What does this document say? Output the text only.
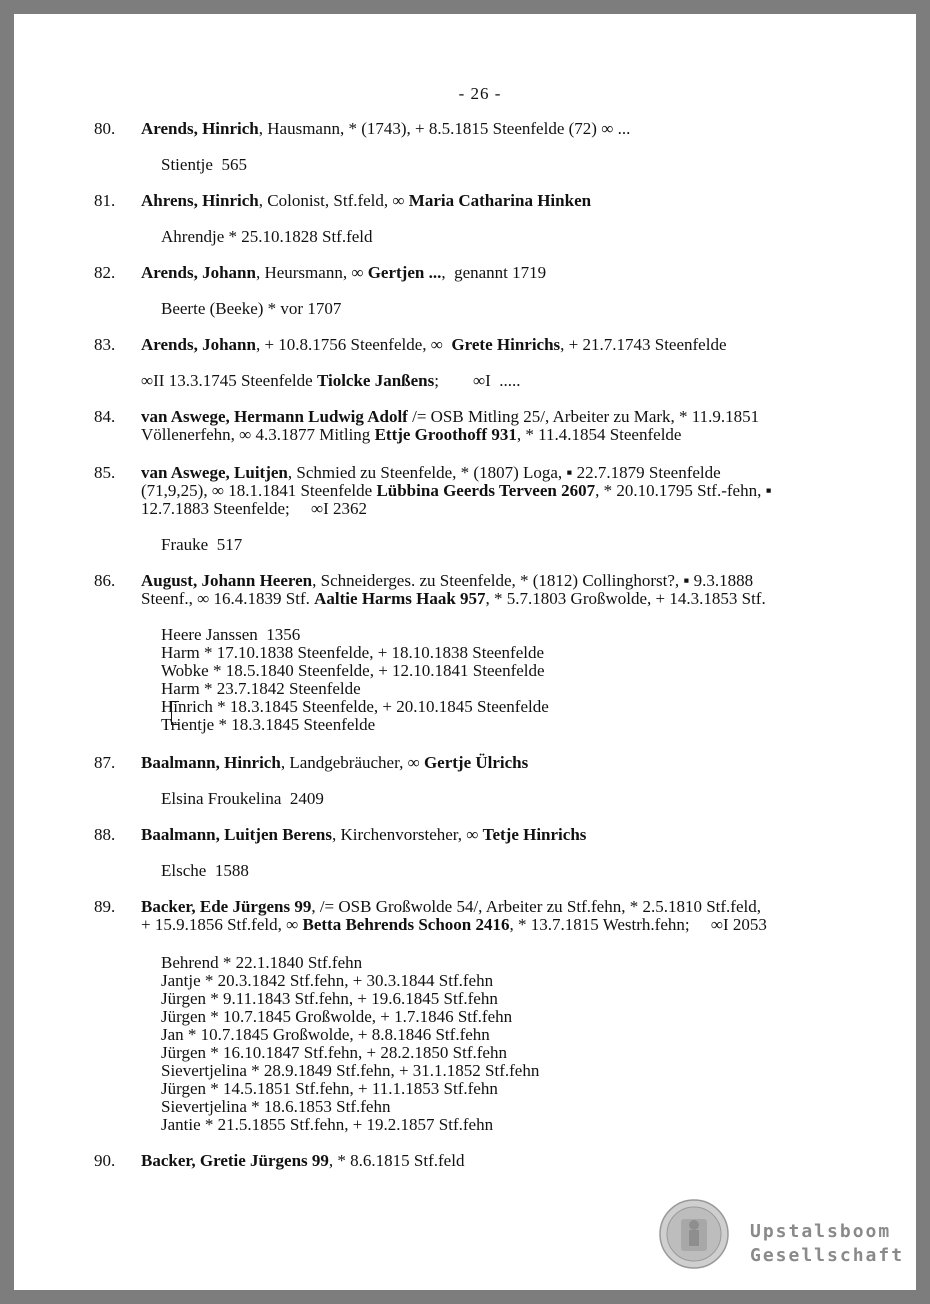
- 26 -
80. Arends, Hinrich, Hausmann, * (1743), + 8.5.1815 Steenfelde (72) ∞ ...
Stientje  565
81. Ahrens, Hinrich, Colonist, Stf.feld, ∞ Maria Catharina Hinken
Ahrendje * 25.10.1828 Stf.feld
82. Arends, Johann, Heursmann, ∞ Gertjen ...,  genannt 1719
Beerte (Beeke) * vor 1707
83. Arends, Johann, + 10.8.1756 Steenfelde, ∞  Grete Hinrichs, + 21.7.1743 Steenfelde
∞II 13.3.1745 Steenfelde Tiolcke Janßens;        ∞I  .....
84. van Aswege, Hermann Ludwig Adolf /= OSB Mitling 25/, Arbeiter zu Mark, * 11.9.1851
Völlenerfehn, ∞ 4.3.1877 Mitling Ettje Groothoff 931, * 11.4.1854 Steenfelde
85. van Aswege, Luitjen, Schmied zu Steenfelde, * (1807) Loga, ▪ 22.7.1879 Steenfelde
(71,9,25), ∞ 18.1.1841 Steenfelde Lübbina Geerds Terveen 2607, * 20.10.1795 Stf.-fehn, ▪
12.7.1883 Steenfelde;     ∞I 2362
Frauke  517
86. August, Johann Heeren, Schneiderges. zu Steenfelde, * (1812) Collinghorst?, ▪ 9.3.1888
Steenf., ∞ 16.4.1839 Stf. Aaltie Harms Haak 957, * 5.7.1803 Großwolde, + 14.3.1853 Stf.
Heere Janssen  1356
Harm * 17.10.1838 Steenfelde, + 18.10.1838 Steenfelde
Wobke * 18.5.1840 Steenfelde, + 12.10.1841 Steenfelde
Harm * 23.7.1842 Steenfelde
Hinrich * 18.3.1845 Steenfelde, + 20.10.1845 Steenfelde
Trientje * 18.3.1845 Steenfelde
87. Baalmann, Hinrich, Landgebräucher, ∞ Gertje Ülrichs
Elsina Froukelina  2409
88. Baalmann, Luitjen Berens, Kirchenvorsteher, ∞ Tetje Hinrichs
Elsche  1588
89. Backer, Ede Jürgens 99, /= OSB Großwolde 54/, Arbeiter zu Stf.fehn, * 2.5.1810 Stf.feld,
+ 15.9.1856 Stf.feld, ∞ Betta Behrends Schoon 2416, * 13.7.1815 Westrh.fehn;     ∞I 2053
Behrend * 22.1.1840 Stf.fehn
Jantje * 20.3.1842 Stf.fehn, + 30.3.1844 Stf.fehn
Jürgen * 9.11.1843 Stf.fehn, + 19.6.1845 Stf.fehn
Jürgen * 10.7.1845 Großwolde, + 1.7.1846 Stf.fehn
Jan * 10.7.1845 Großwolde, + 8.8.1846 Stf.fehn
Jürgen * 16.10.1847 Stf.fehn, + 28.2.1850 Stf.fehn
Sievertjelina * 28.9.1849 Stf.fehn, + 31.1.1852 Stf.fehn
Jürgen * 14.5.1851 Stf.fehn, + 11.1.1853 Stf.fehn
Sievertjelina * 18.6.1853 Stf.fehn
Jantie * 21.5.1855 Stf.fehn, + 19.2.1857 Stf.fehn
90. Backer, Gretie Jürgens 99, * 8.6.1815 Stf.feld
Upstalsboom
Gesellschaft
